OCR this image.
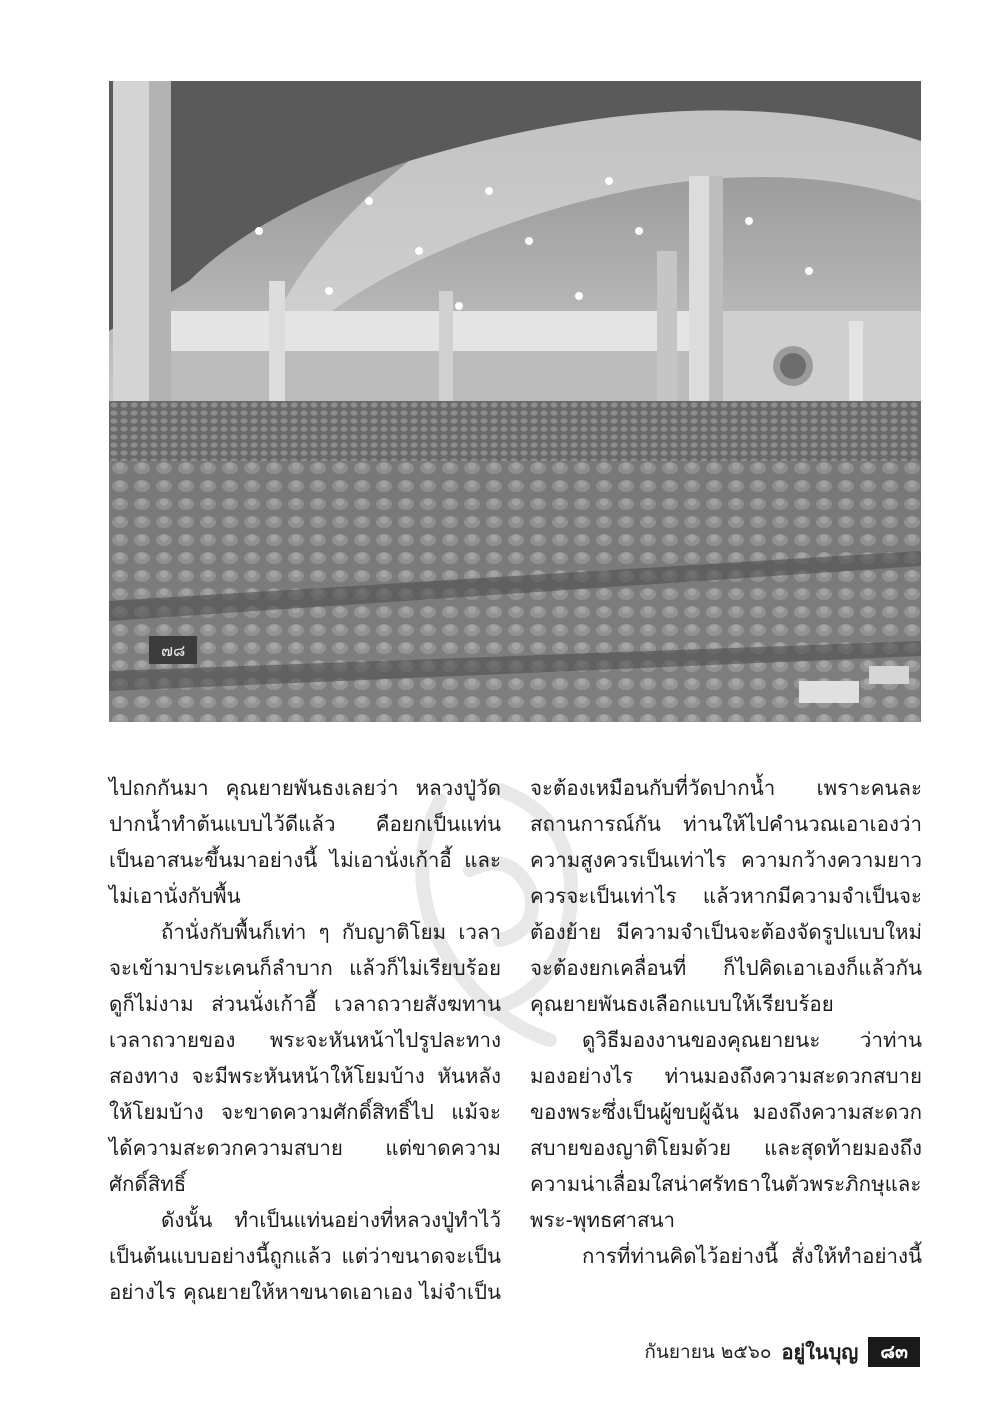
๗๘

ไปถกกันมา คุณยายพันธงเลยว่า หลวงปู่วัดปากน้ำทำต้นแบบไว้ดีแล้ว คือยกเป็นแท่นเป็นอาสนะขึ้นมาอย่างนี้ ไม่เอานั่งเก้าอี้ และไม่เอานั่งกับพื้น

ถ้านั่งกับพื้นก็เท่า ๆ กับญาติโยม เวลาจะเข้ามาประเคนก็ลำบาก แล้วก็ไม่เรียบร้อยดูก็ไม่งาม ส่วนนั่งเก้าอี้ เวลาถวายสังฆทานเวลาถวายของ พระจะหันหน้าไปรูปละทางสองทาง จะมีพระหันหน้าให้โยมบ้าง หันหลังให้โยมบ้าง จะขาดความศักดิ์สิทธิ์ไป แม้จะได้ความสะดวกความสบาย แต่ขาดความศักดิ์สิทธิ์

ดังนั้น ทำเป็นแท่นอย่างที่หลวงปู่ทำไว้เป็นต้นแบบอย่างนี้ถูกแล้ว แต่ว่าขนาดจะเป็นอย่างไร คุณยายให้หาขนาดเอาเอง ไม่จำเป็น

จะต้องเหมือนกับที่วัดปากน้ำ เพราะคนละสถานการณ์กัน ท่านให้ไปคำนวณเอาเองว่าความสูงควรเป็นเท่าไร ความกว้างความยาวควรจะเป็นเท่าไร แล้วหากมีความจำเป็นจะต้องย้าย มีความจำเป็นจะต้องจัดรูปแบบใหม่จะต้องยกเคลื่อนที่ ก็ไปคิดเอาเองก็แล้วกันคุณยายพันธงเลือกแบบให้เรียบร้อย

ดูวิธีมองงานของคุณยายนะ ว่าท่านมองอย่างไร ท่านมองถึงความสะดวกสบายของพระซึ่งเป็นผู้ขบผู้ฉัน มองถึงความสะดวกสบายของญาติโยมด้วย และสุดท้ายมองถึงความน่าเลื่อมใสน่าศรัทธาในตัวพระภิกษุและพระ-พุทธศาสนา

การที่ท่านคิดไว้อย่างนี้ สั่งให้ทำอย่างนี้

กันยายน ๒๕๖๐ อยู่ในบุญ	๘๓
